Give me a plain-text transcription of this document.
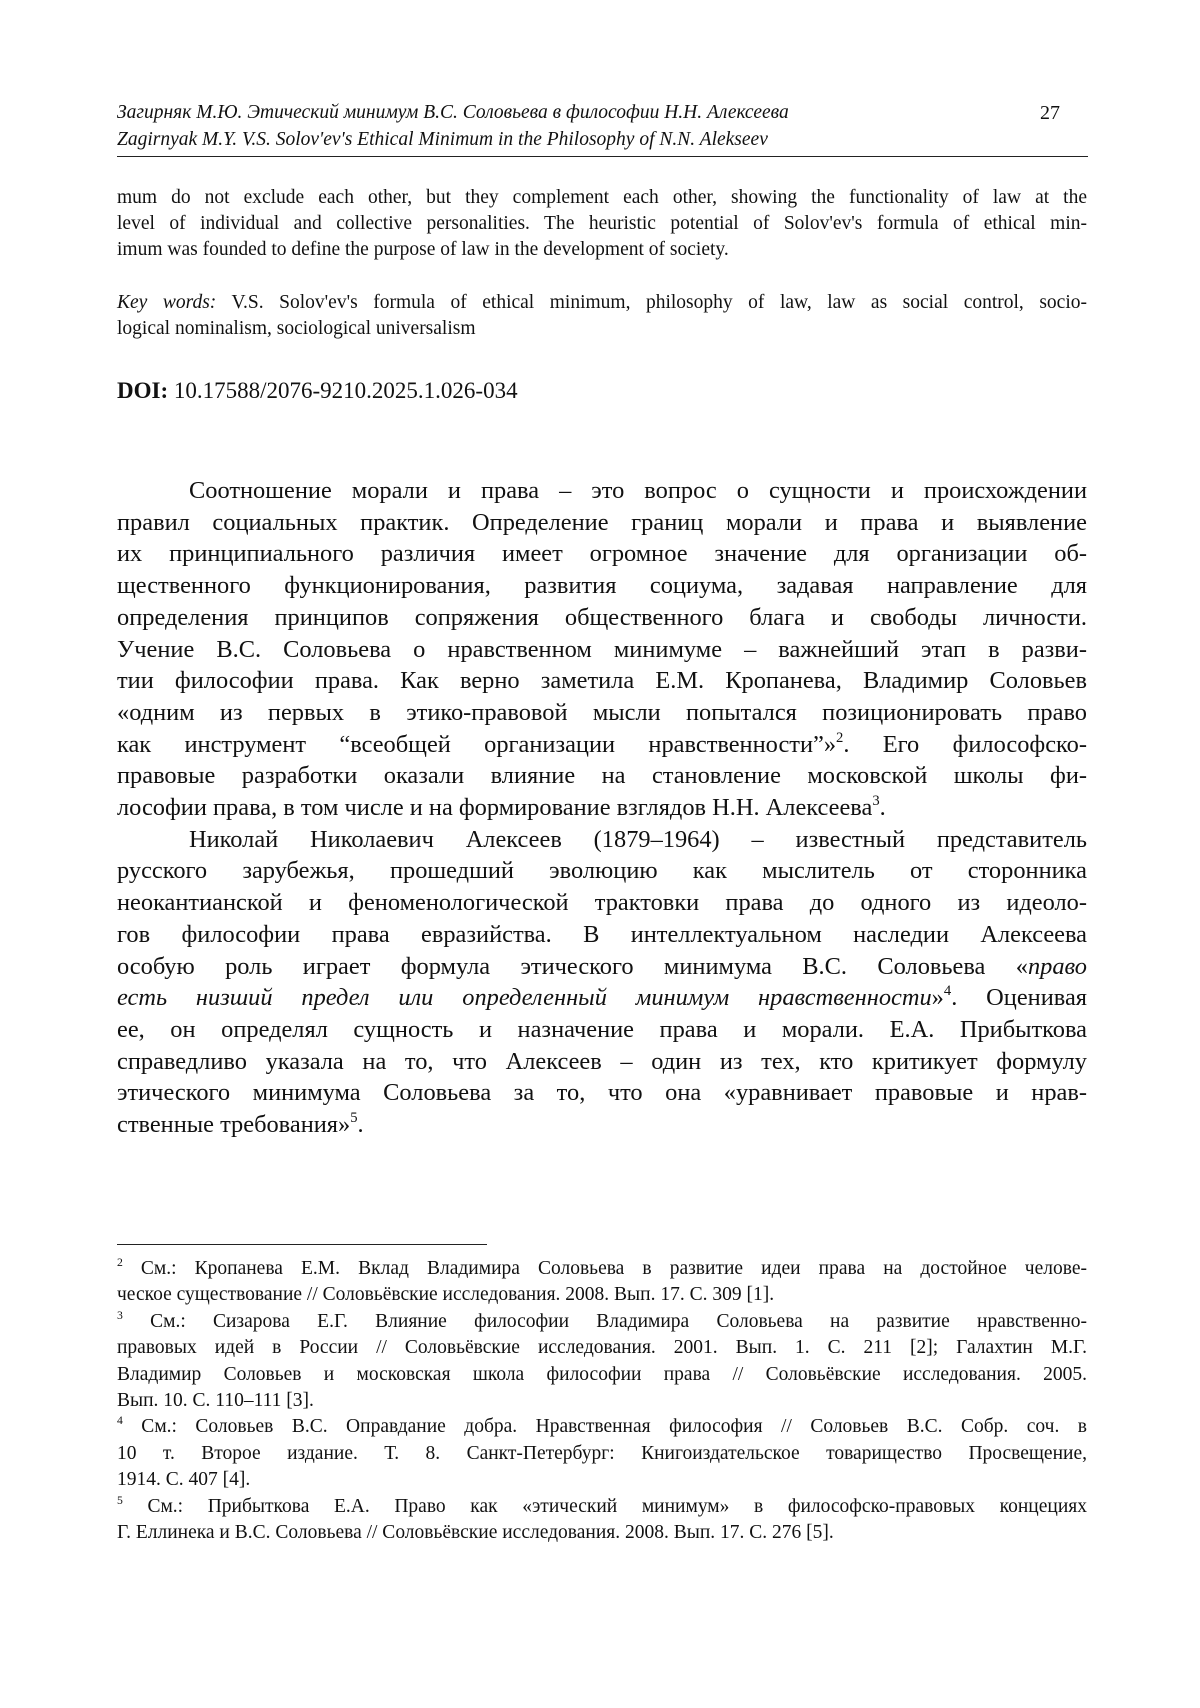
Загирняк М.Ю. Этический минимум В.С. Соловьева в философии Н.Н. Алексеева	27
Zagirnyak M.Y. V.S. Solov'ev's Ethical Minimum in the Philosophy of N.N. Alekseev
mum do not exclude each other, but they complement each other, showing the functionality of law at the
level of individual and collective personalities. The heuristic potential of Solov'ev's formula of ethical min-
imum was founded to define the purpose of law in the development of society.
Key words: V.S. Solov'ev's formula of ethical minimum, philosophy of law, law as social control, socio-
logical nominalism, sociological universalism
DOI: 10.17588/2076-9210.2025.1.026-034
Соотношение морали и права – это вопрос о сущности и происхождении
правил социальных практик. Определение границ морали и права и выявление
их принципиального различия имеет огромное значение для организации об-
щественного функционирования, развития социума, задавая направление для
определения принципов сопряжения общественного блага и свободы личности.
Учение В.С. Соловьева о нравственном минимуме – важнейший этап в разви-
тии философии права. Как верно заметила Е.М. Кропанева, Владимир Соловьев
«одним из первых в этико-правовой мысли попытался позиционировать право
как инструмент “всеобщей организации нравственности”»$^2$. Его философско-
правовые разработки оказали влияние на становление московской школы фи-
лософии права, в том числе и на формирование взглядов Н.Н. Алексеева$^3$.
Николай Николаевич Алексеев (1879–1964) – известный представитель
русского зарубежья, прошедший эволюцию как мыслитель от сторонника
неокантианской и феноменологической трактовки права до одного из идеоло-
гов философии права евразийства. В интеллектуальном наследии Алексеева
особую роль играет формула этического минимума В.С. Соловьева «право
есть низший предел или определенный минимум нравственности»$^4$. Оценивая
ее, он определял сущность и назначение права и морали. Е.А. Прибыткова
справедливо указала на то, что Алексеев – один из тех, кто критикует формулу
этического минимума Соловьева за то, что она «уравнивает правовые и нрав-
ственные требования»$^5$.
$^2$ См.: Кропанева Е.М. Вклад Владимира Соловьева в развитие идеи права на достойное челове-
ческое существование // Соловьёвские исследования. 2008. Вып. 17. С. 309 [1].
$^3$ См.: Сизарова Е.Г. Влияние философии Владимира Соловьева на развитие нравственно-
правовых идей в России // Соловьёвские исследования. 2001. Вып. 1. С. 211 [2]; Галахтин М.Г.
Владимир Соловьев и московская школа философии права // Соловьёвские исследования. 2005.
Вып. 10. С. 110–111 [3].
$^4$ См.: Соловьев В.С. Оправдание добра. Нравственная философия // Соловьев В.С. Собр. соч. в
10 т. Второе издание. Т. 8. Санкт-Петербург: Книгоиздательское товарищество Просвещение,
1914. С. 407 [4].
$^5$ См.: Прибыткова Е.А. Право как «этический минимум» в философско-правовых концециях
Г. Еллинека и В.С. Соловьева // Соловьёвские исследования. 2008. Вып. 17. С. 276 [5].
